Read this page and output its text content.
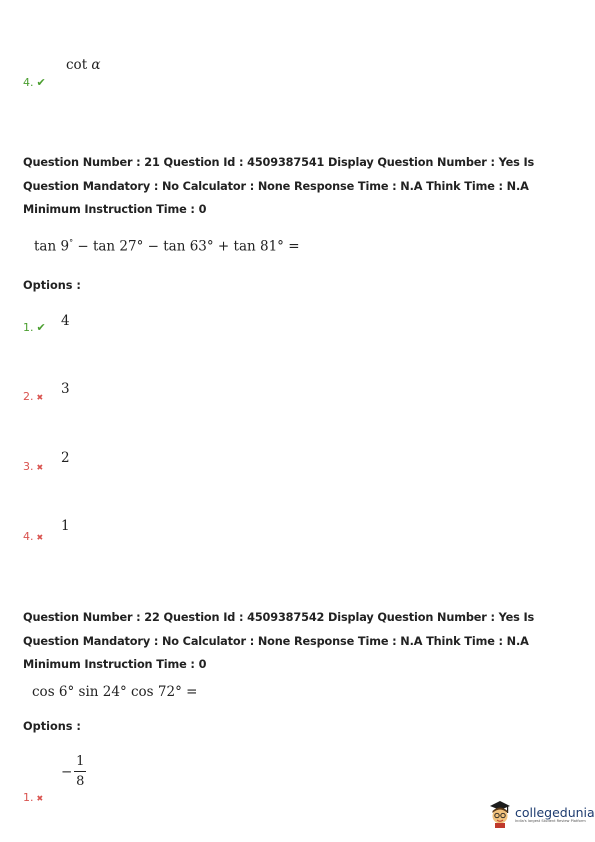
cot α
4. ✔
Question Number : 21 Question Id : 4509387541 Display Question Number : Yes Is Question Mandatory : No Calculator : None Response Time : N.A Think Time : N.A Minimum Instruction Time : 0
tan 9° − tan 27° − tan 63° + tan 81° =
Options :
4
1. ✔
3
2. ✖
2
3. ✖
1
4. ✖
Question Number : 22 Question Id : 4509387542 Display Question Number : Yes Is Question Mandatory : No Calculator : None Response Time : N.A Think Time : N.A Minimum Instruction Time : 0
cos 6° sin 24° cos 72° =
Options :
− $\frac{1}{8}$
1. ✖
collegedunia
India's largest Student Review Platform
